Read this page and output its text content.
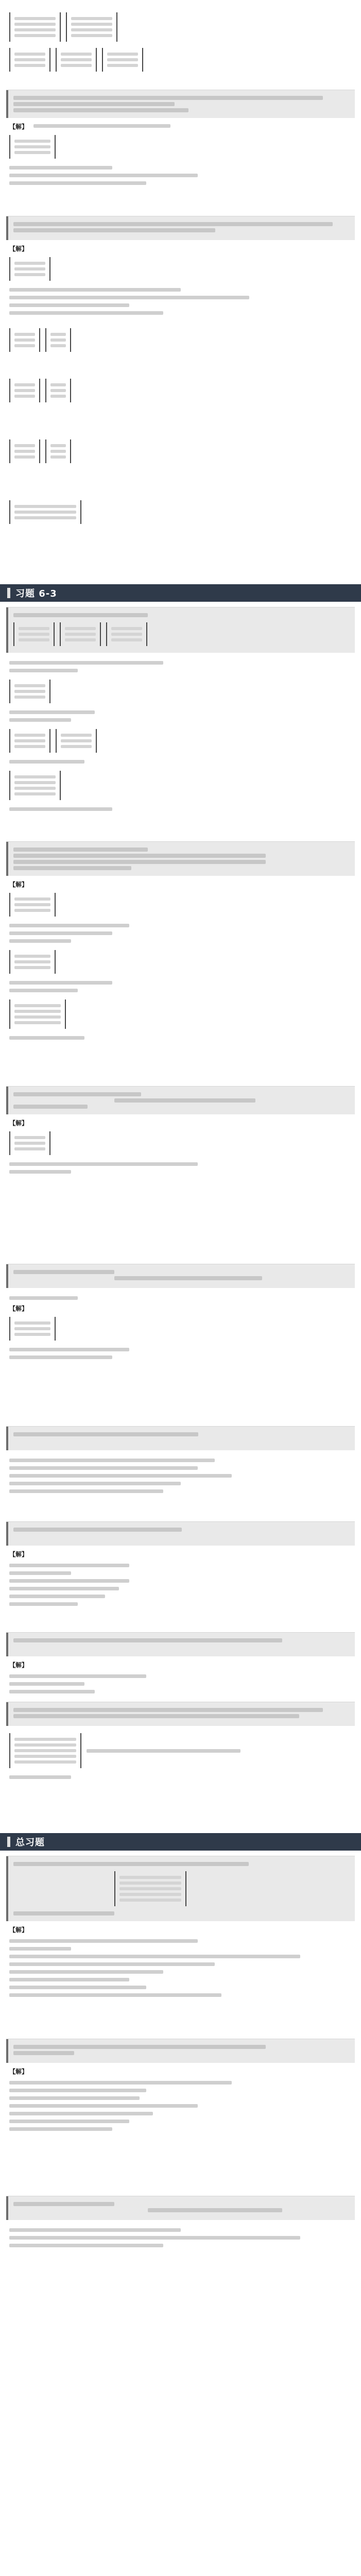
【解】
【解】
习题 6-3
【解】
【解】
【解】
【解】
【解】
总习题
【解】
【解】
